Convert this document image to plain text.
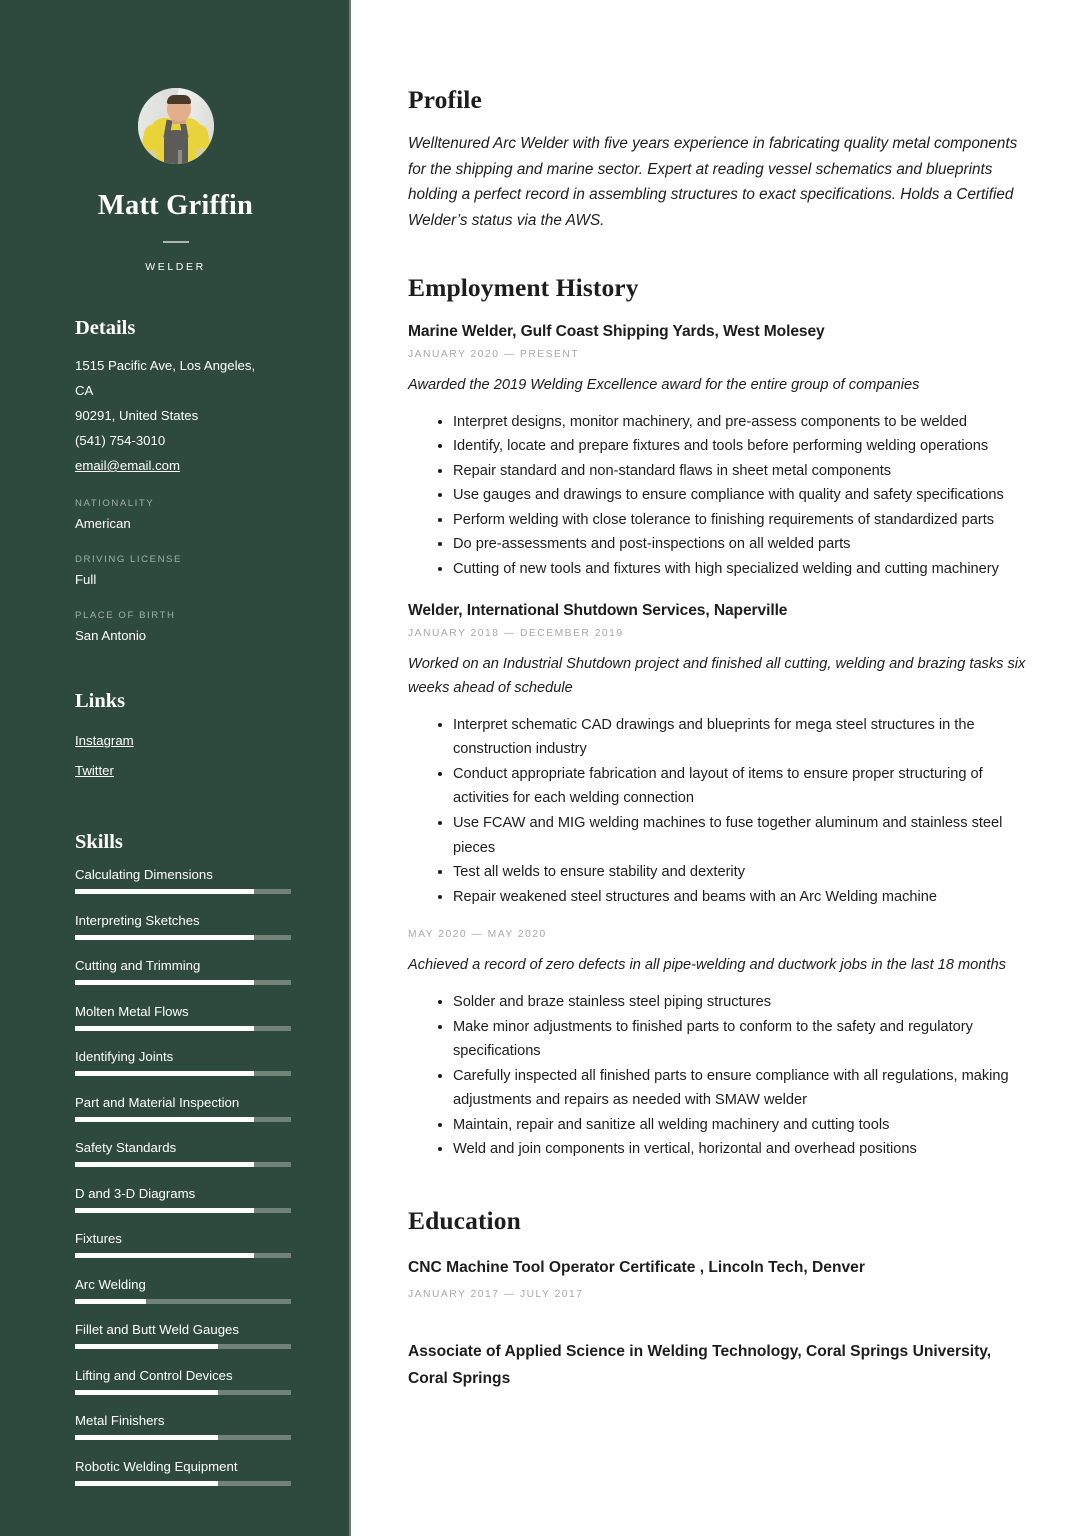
Matt Griffin
WELDER
Details
1515 Pacific Ave, Los Angeles, CA
90291, United States
(541) 754-3010
email@email.com
NATIONALITY
American
DRIVING LICENSE
Full
PLACE OF BIRTH
San Antonio
Links
Instagram
Twitter
Skills
Calculating Dimensions
Interpreting Sketches
Cutting and Trimming
Molten Metal Flows
Identifying Joints
Part and Material Inspection
Safety Standards
D and 3-D Diagrams
Fixtures
Arc Welding
Fillet and Butt Weld Gauges
Lifting and Control Devices
Metal Finishers
Robotic Welding Equipment
Profile

Welltenured Arc Welder with five years experience in fabricating quality metal components for the shipping and marine sector. Expert at reading vessel schematics and blueprints holding a perfect record in assembling structures to exact specifications. Holds a Certified Welder’s status via the AWS.

Employment History
Marine Welder, Gulf Coast Shipping Yards, West Molesey
JANUARY 2020 — PRESENT
Awarded the 2019 Welding Excellence award for the entire group of companies
• Interpret designs, monitor machinery, and pre-assess components to be welded
• Identify, locate and prepare fixtures and tools before performing welding operations
• Repair standard and non-standard flaws in sheet metal components
• Use gauges and drawings to ensure compliance with quality and safety specifications
• Perform welding with close tolerance to finishing requirements of standardized parts
• Do pre-assessments and post-inspections on all welded parts
• Cutting of new tools and fixtures with high specialized welding and cutting machinery
Welder, International Shutdown Services, Naperville
JANUARY 2018 — DECEMBER 2019
Worked on an Industrial Shutdown project and finished all cutting, welding and brazing tasks six weeks ahead of schedule
• Interpret schematic CAD drawings and blueprints for mega steel structures in the construction industry
• Conduct appropriate fabrication and layout of items to ensure proper structuring of activities for each welding connection
• Use FCAW and MIG welding machines to fuse together aluminum and stainless steel pieces
• Test all welds to ensure stability and dexterity
• Repair weakened steel structures and beams with an Arc Welding machine
MAY 2020 — MAY 2020
Achieved a record of zero defects in all pipe-welding and ductwork jobs in the last 18 months
• Solder and braze stainless steel piping structures
• Make minor adjustments to finished parts to conform to the safety and regulatory specifications
• Carefully inspected all finished parts to ensure compliance with all regulations, making adjustments and repairs as needed with SMAW welder
• Maintain, repair and sanitize all welding machinery and cutting tools
• Weld and join components in vertical, horizontal and overhead positions
Education
CNC Machine Tool Operator Certificate , Lincoln Tech, Denver
JANUARY 2017 — JULY 2017
Associate of Applied Science in Welding Technology, Coral Springs University, Coral Springs
